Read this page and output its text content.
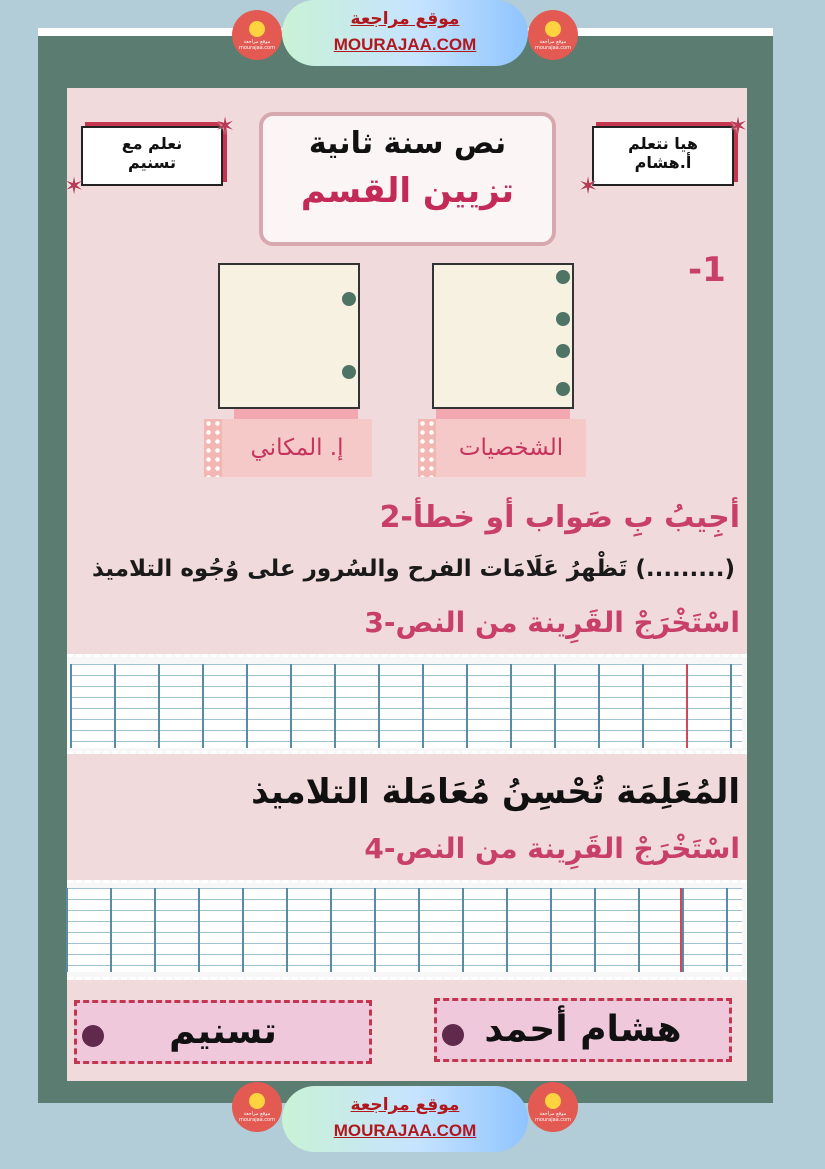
موقع مراجعة
MOURAJAA.COM
موقع مراجعة
mourajaa.com
موقع مراجعة
mourajaa.com
نعلم مع
تسنيم
✶
✶
هيا نتعلم
أ.هشام
✶
✶
نص سنة ثانية
تزيين القسم
-1
الشخصيات
إ. المكاني
2-أجِيبُ بِ صَواب أو خطأ
تَظْهرُ عَلَامَات الفرح والسُرور على وُجُوه التلاميذ (.........)
3-اسْتَخْرَجْ القَرِينة من النص
المُعَلِمَة تُحْسِنُ مُعَامَلة التلاميذ
4-اسْتَخْرَجْ القَرِينة من النص
هشام أحمد
تسنيم
موقع مراجعة
MOURAJAA.COM
موقع مراجعة
mourajaa.com
موقع مراجعة
mourajaa.com
